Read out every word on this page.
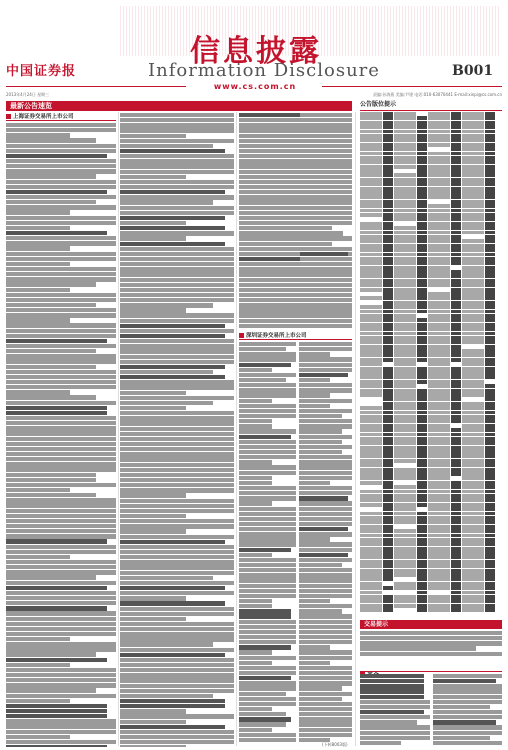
中国证券报
信息披露
Information Disclosure	B001
www.cs.com.cn
2013年4月24日 星期三	责编:孙海燕 美编:尹建 电话:010-63070441 E-mail:xinpi@cs.com.cn
最新公告速览
上海证券交易所上市公司
深圳证券交易所上市公司
(下转B003版)
公告版位提示
交易提示
